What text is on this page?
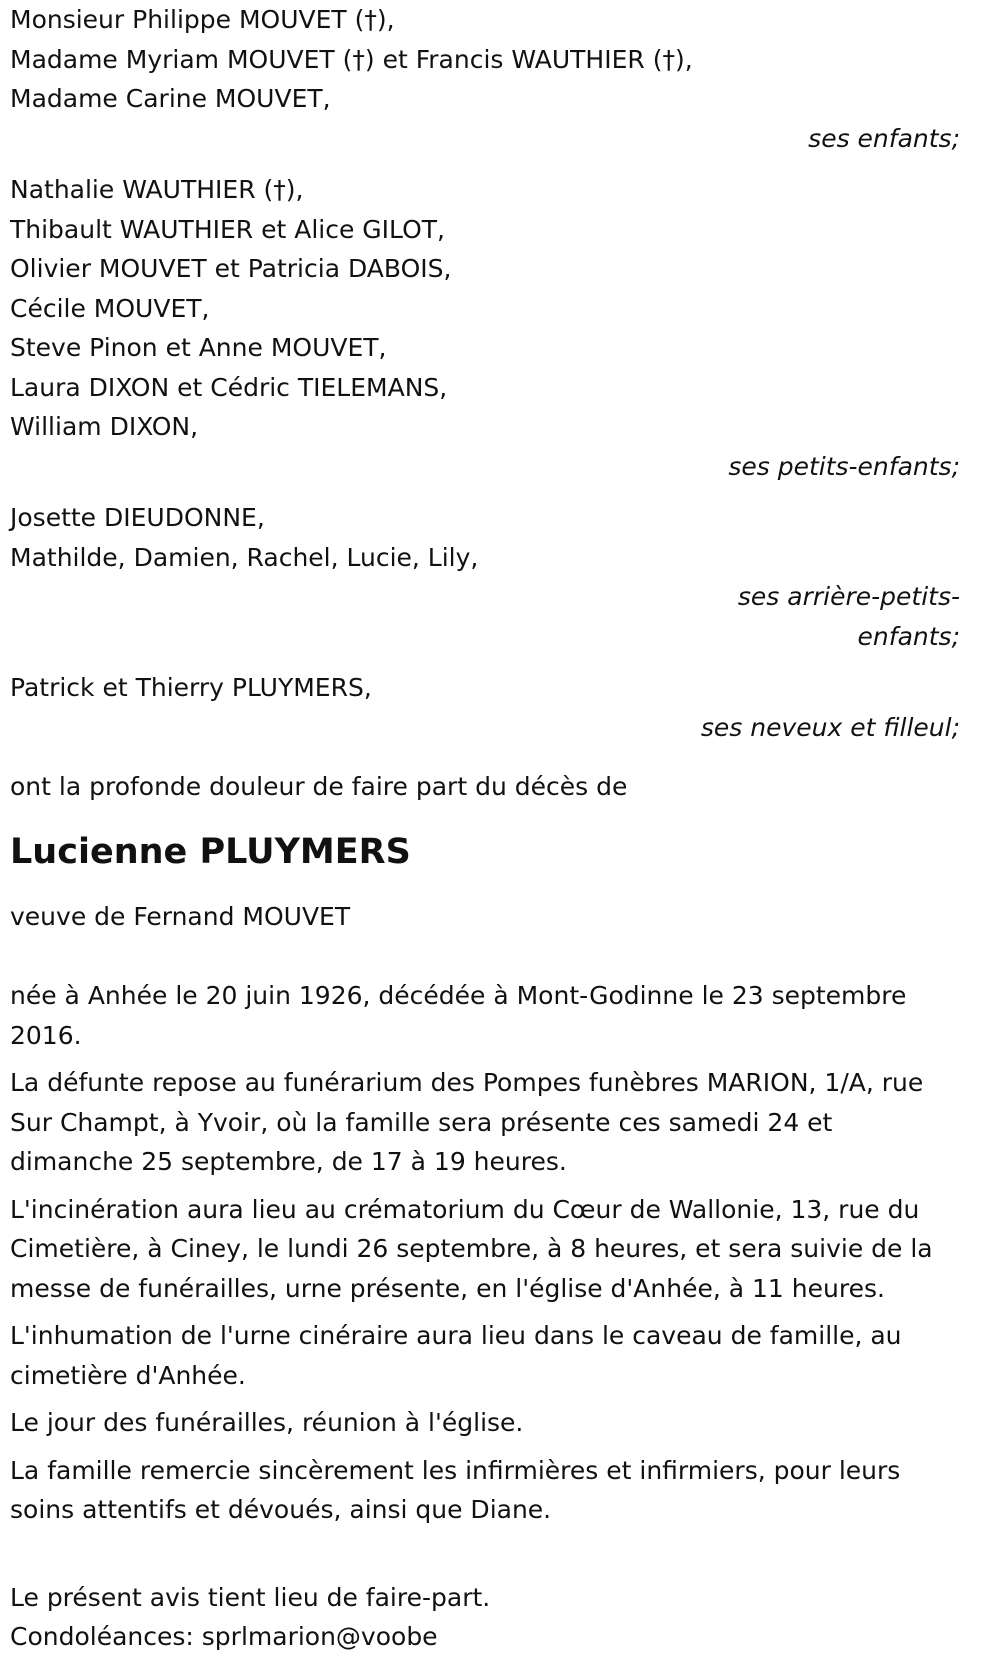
Monsieur Philippe MOUVET (†),
Madame Myriam MOUVET (†) et Francis WAUTHIER (†),
Madame Carine MOUVET,
ses enfants;
Nathalie WAUTHIER (†),
Thibault WAUTHIER et Alice GILOT,
Olivier MOUVET et Patricia DABOIS,
Cécile MOUVET,
Steve Pinon et Anne MOUVET,
Laura DIXON et Cédric TIELEMANS,
William DIXON,
ses petits-enfants;
Josette DIEUDONNE,
Mathilde, Damien, Rachel, Lucie, Lily,
ses arrière-petits-
enfants;
Patrick et Thierry PLUYMERS,
ses neveux et filleul;
ont la profonde douleur de faire part du décès de
Lucienne PLUYMERS
veuve de Fernand MOUVET

née à Anhée le 20 juin 1926, décédée à Mont-Godinne le 23 septembre 2016.

La défunte repose au funérarium des Pompes funèbres MARION, 1/A, rue Sur Champt, à Yvoir, où la famille sera présente ces samedi 24 et dimanche 25 septembre, de 17 à 19 heures.

L'incinération aura lieu au crématorium du Cœur de Wallonie, 13, rue du Cimetière, à Ciney, le lundi 26 septembre, à 8 heures, et sera suivie de la messe de funérailles, urne présente, en l'église d'Anhée, à 11 heures.

L'inhumation de l'urne cinéraire aura lieu dans le caveau de famille, au cimetière d'Anhée.

Le jour des funérailles, réunion à l'église.

La famille remercie sincèrement les infirmières et infirmiers, pour leurs soins attentifs et dévoués, ainsi que Diane.

Le présent avis tient lieu de faire-part.
Condoléances: sprlmarion@voobe
